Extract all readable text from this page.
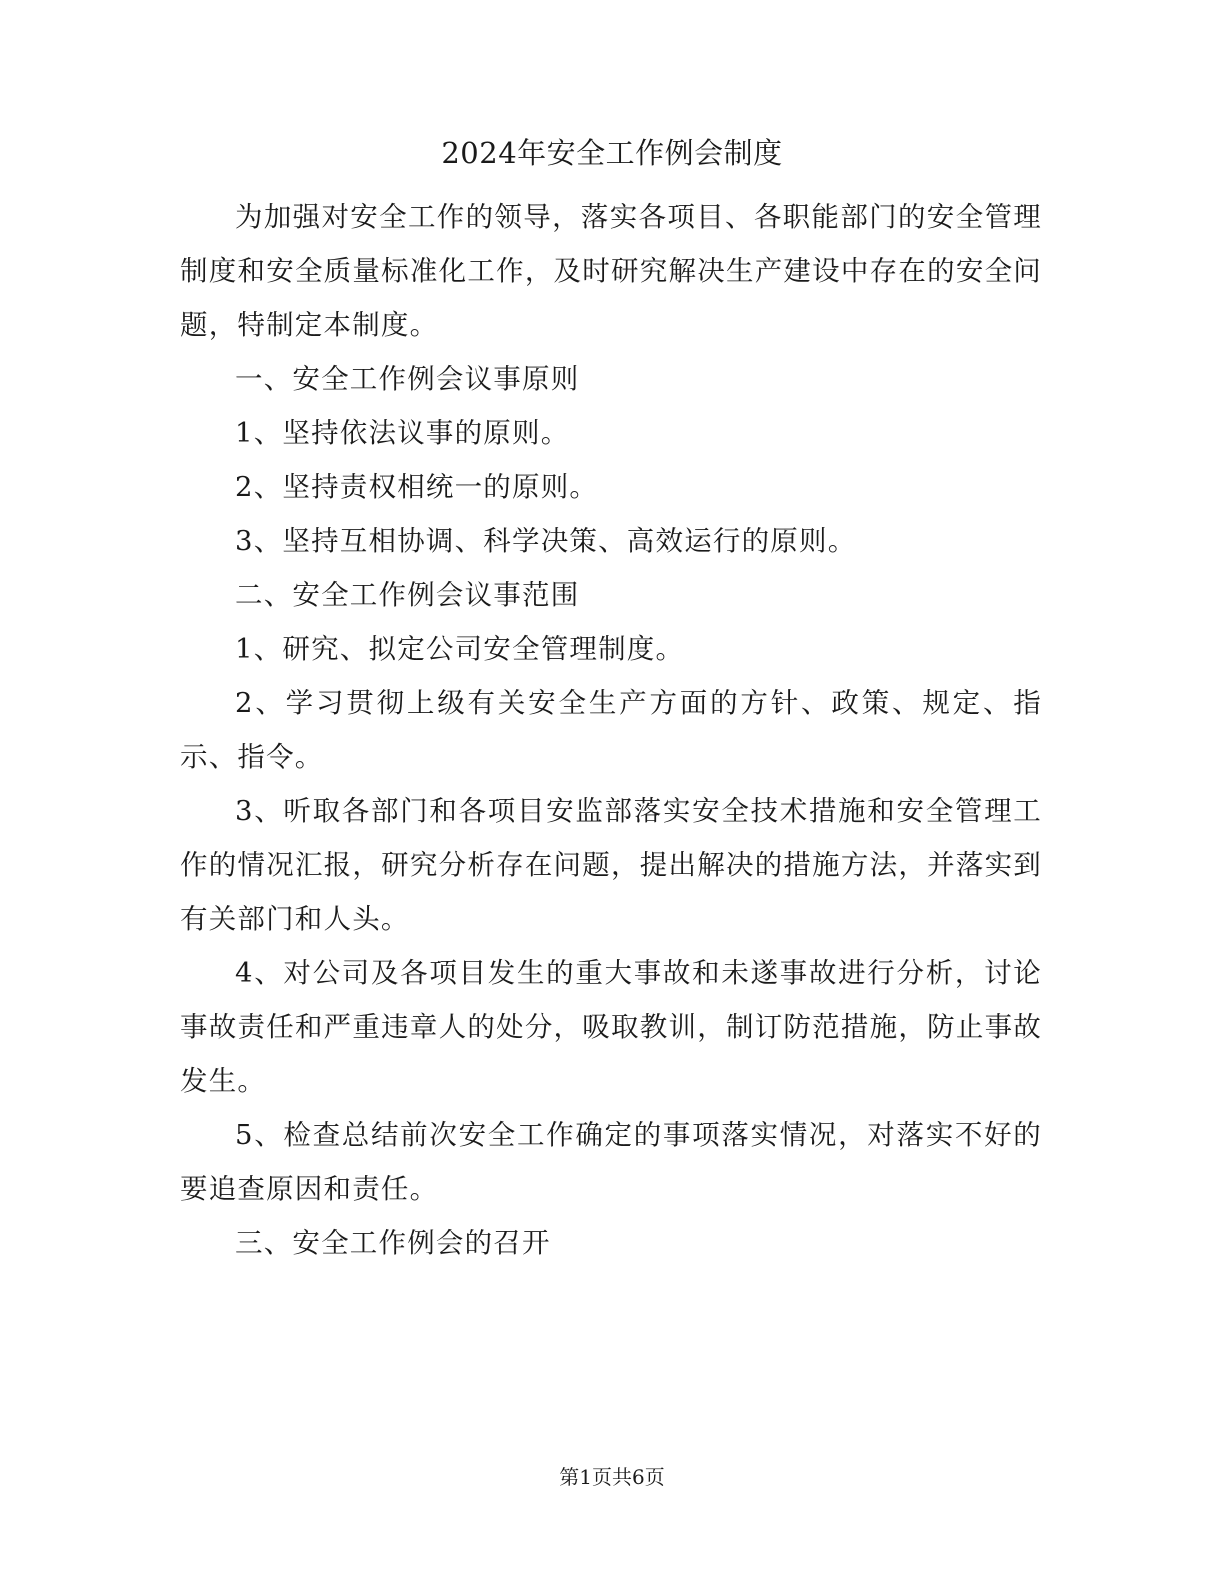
2024年安全工作例会制度

为加强对安全工作的领导，落实各项目、各职能部门的安全管理制度和安全质量标准化工作，及时研究解决生产建设中存在的安全问题，特制定本制度。

一、安全工作例会议事原则

1、坚持依法议事的原则。

2、坚持责权相统一的原则。

3、坚持互相协调、科学决策、高效运行的原则。

二、安全工作例会议事范围

1、研究、拟定公司安全管理制度。

2、学习贯彻上级有关安全生产方面的方针、政策、规定、指示、指令。

3、听取各部门和各项目安监部落实安全技术措施和安全管理工作的情况汇报，研究分析存在问题，提出解决的措施方法，并落实到有关部门和人头。

4、对公司及各项目发生的重大事故和未遂事故进行分析，讨论事故责任和严重违章人的处分，吸取教训，制订防范措施，防止事故发生。

5、检查总结前次安全工作确定的事项落实情况，对落实不好的要追查原因和责任。

三、安全工作例会的召开

第1页共6页
